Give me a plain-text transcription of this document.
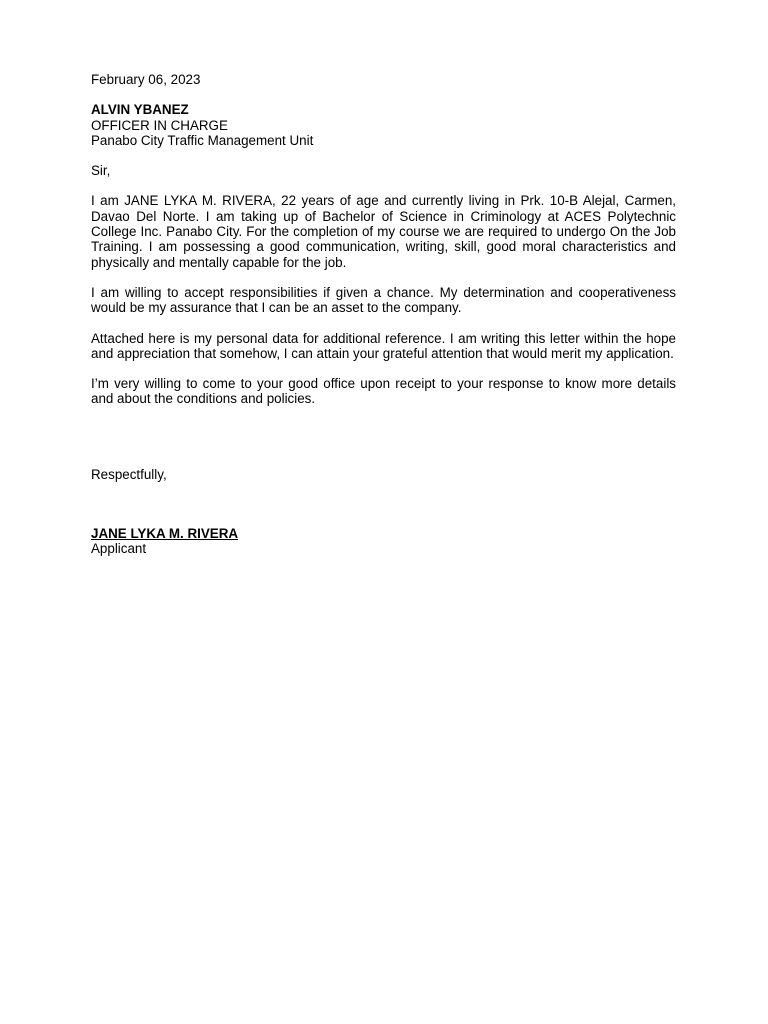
February 06, 2023
ALVIN YBANEZ
OFFICER IN CHARGE
Panabo City Traffic Management Unit
Sir,

I am JANE LYKA M. RIVERA, 22 years of age and currently living in Prk. 10-B Alejal, Carmen, Davao Del Norte. I am taking up of Bachelor of Science in Criminology at ACES Polytechnic College Inc. Panabo City. For the completion of my course we are required to undergo On the Job Training. I am possessing a good communication, writing, skill, good moral characteristics and physically and mentally capable for the job.

I am willing to accept responsibilities if given a chance. My determination and cooperativeness would be my assurance that I can be an asset to the company.

Attached here is my personal data for additional reference. I am writing this letter within the hope and appreciation that somehow, I can attain your grateful attention that would merit my application.

I’m very willing to come to your good office upon receipt to your response to know more details and about the conditions and policies.

Respectfully,
JANE LYKA M. RIVERA
Applicant
